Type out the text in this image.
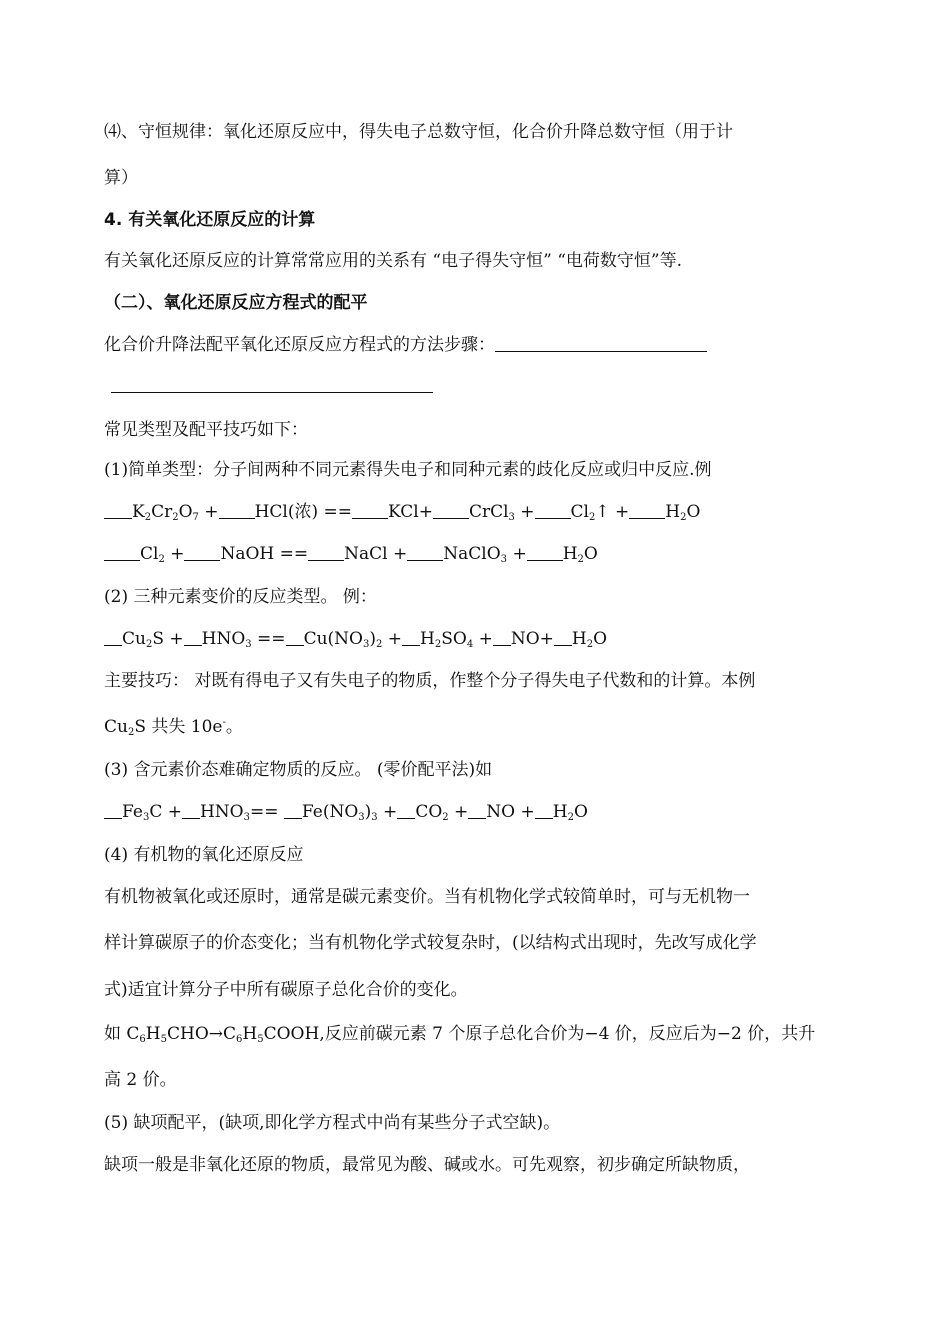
⑷、守恒规律：氧化还原反应中，得失电子总数守恒，化合价升降总数守恒（用于计
算）
4. 有关氧化还原反应的计算
有关氧化还原反应的计算常常应用的关系有 “电子得失守恒” “电荷数守恒”等.
（二）、氧化还原反应方程式的配平
化合价升降法配平氧化还原反应方程式的方法步骤：
常见类型及配平技巧如下：
(1)简单类型：分子间两种不同元素得失电子和同种元素的歧化反应或归中反应.例
$K_2Cr_2O_7 + HCl$(浓) == KCl+ CrCl$_3$ + $Cl_2↑ + H_2O$
$Cl_2$ + NaOH == NaCl + NaClO$_3$ + $H_2O$
(2) 三种元素变价的反应类型。 例：
$Cu_2S + HNO_3 == Cu(NO_3)_2 + H_2SO_4 + NO+ H_2O$
主要技巧： 对既有得电子又有失电子的物质，作整个分子得失电子代数和的计算。本例
$Cu_2S$ 共失 10e-。
(3) 含元素价态难确定物质的反应。 (零价配平法)如
$Fe_3C + HNO_3== Fe(NO_3)_3 + CO_2$ + NO + $H_2O$
(4) 有机物的氧化还原反应
有机物被氧化或还原时，通常是碳元素变价。当有机物化学式较简单时，可与无机物一
样计算碳原子的价态变化；当有机物化学式较复杂时，(以结构式出现时，先改写成化学
式)适宜计算分子中所有碳原子总化合价的变化。
如 $C_6H_5CHO\to C_6H_5COOH$,反应前碳元素 7 个原子总化合价为−4 价，反应后为−2 价，共升
高 2 价。
(5) 缺项配平，(缺项,即化学方程式中尚有某些分子式空缺)。
缺项一般是非氧化还原的物质，最常见为酸、碱或水。可先观察，初步确定所缺物质，
